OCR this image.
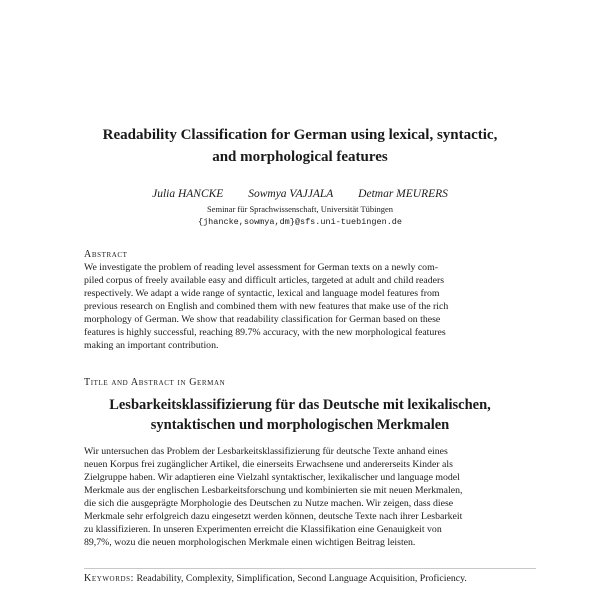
Readability Classification for German using lexical, syntactic,
and morphological features
Julia HANCKE Sowmya VAJJALA Detmar MEURERS
Seminar für Sprachwissenschaft, Universität Tübingen
{jhancke,sowmya,dm}@sfs.uni-tuebingen.de
Abstract
We investigate the problem of reading level assessment for German texts on a newly com-
piled corpus of freely available easy and difficult articles, targeted at adult and child readers
respectively. We adapt a wide range of syntactic, lexical and language model features from
previous research on English and combined them with new features that make use of the rich
morphology of German. We show that readability classification for German based on these
features is highly successful, reaching 89.7% accuracy, with the new morphological features
making an important contribution.
Title and Abstract in German
Lesbarkeitsklassifizierung für das Deutsche mit lexikalischen,
syntaktischen und morphologischen Merkmalen
Wir untersuchen das Problem der Lesbarkeitsklassifizierung für deutsche Texte anhand eines
neuen Korpus frei zugänglicher Artikel, die einerseits Erwachsene und andererseits Kinder als
Zielgruppe haben. Wir adaptieren eine Vielzahl syntaktischer, lexikalischer und language model
Merkmale aus der englischen Lesbarkeitsforschung und kombinierten sie mit neuen Merkmalen,
die sich die ausgeprägte Morphologie des Deutschen zu Nutze machen. Wir zeigen, dass diese
Merkmale sehr erfolgreich dazu eingesetzt werden können, deutsche Texte nach ihrer Lesbarkeit
zu klassifizieren. In unseren Experimenten erreicht die Klassifikation eine Genauigkeit von
89,7%, wozu die neuen morphologischen Merkmale einen wichtigen Beitrag leisten.
Keywords: Readability, Complexity, Simplification, Second Language Acquisition, Proficiency.
